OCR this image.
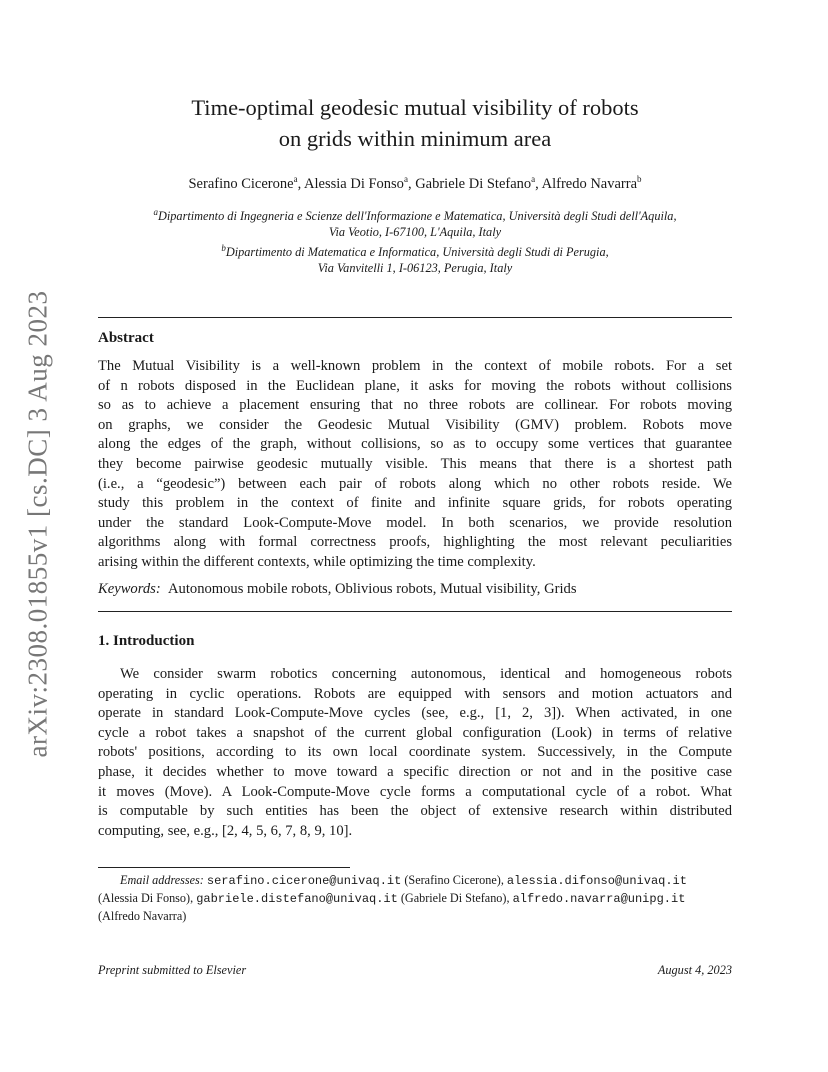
arXiv:2308.01855v1 [cs.DC] 3 Aug 2023
Time-optimal geodesic mutual visibility of robots
on grids within minimum area
Serafino Cicerone$^a$, Alessia Di Fonso$^a$, Gabriele Di Stefano$^a$, Alfredo Navarra$^b$
$^a$Dipartimento di Ingegneria e Scienze dell'Informazione e Matematica, Università degli Studi dell'Aquila,
Via Veotio, I-67100, L'Aquila, Italy
$^b$Dipartimento di Matematica e Informatica, Università degli Studi di Perugia,
Via Vanvitelli 1, I-06123, Perugia, Italy
Abstract
The Mutual Visibility is a well-known problem in the context of mobile robots. For a set
of n robots disposed in the Euclidean plane, it asks for moving the robots without collisions
so as to achieve a placement ensuring that no three robots are collinear. For robots moving
on graphs, we consider the Geodesic Mutual Visibility (GMV) problem. Robots move
along the edges of the graph, without collisions, so as to occupy some vertices that guarantee
they become pairwise geodesic mutually visible. This means that there is a shortest path
(i.e., a “geodesic”) between each pair of robots along which no other robots reside. We
study this problem in the context of finite and infinite square grids, for robots operating
under the standard Look-Compute-Move model. In both scenarios, we provide resolution
algorithms along with formal correctness proofs, highlighting the most relevant peculiarities
arising within the different contexts, while optimizing the time complexity.
Keywords: Autonomous mobile robots, Oblivious robots, Mutual visibility, Grids
1. Introduction
We consider swarm robotics concerning autonomous, identical and homogeneous robots
operating in cyclic operations. Robots are equipped with sensors and motion actuators and
operate in standard Look-Compute-Move cycles (see, e.g., [1, 2, 3]). When activated, in one
cycle a robot takes a snapshot of the current global configuration (Look) in terms of relative
robots' positions, according to its own local coordinate system. Successively, in the Compute
phase, it decides whether to move toward a specific direction or not and in the positive case
it moves (Move). A Look-Compute-Move cycle forms a computational cycle of a robot. What
is computable by such entities has been the object of extensive research within distributed
computing, see, e.g., [2, 4, 5, 6, 7, 8, 9, 10].
Email addresses: serafino.cicerone@univaq.it (Serafino Cicerone), alessia.difonso@univaq.it
(Alessia Di Fonso), gabriele.distefano@univaq.it (Gabriele Di Stefano), alfredo.navarra@unipg.it
(Alfredo Navarra)
Preprint submitted to Elsevier	August 4, 2023
